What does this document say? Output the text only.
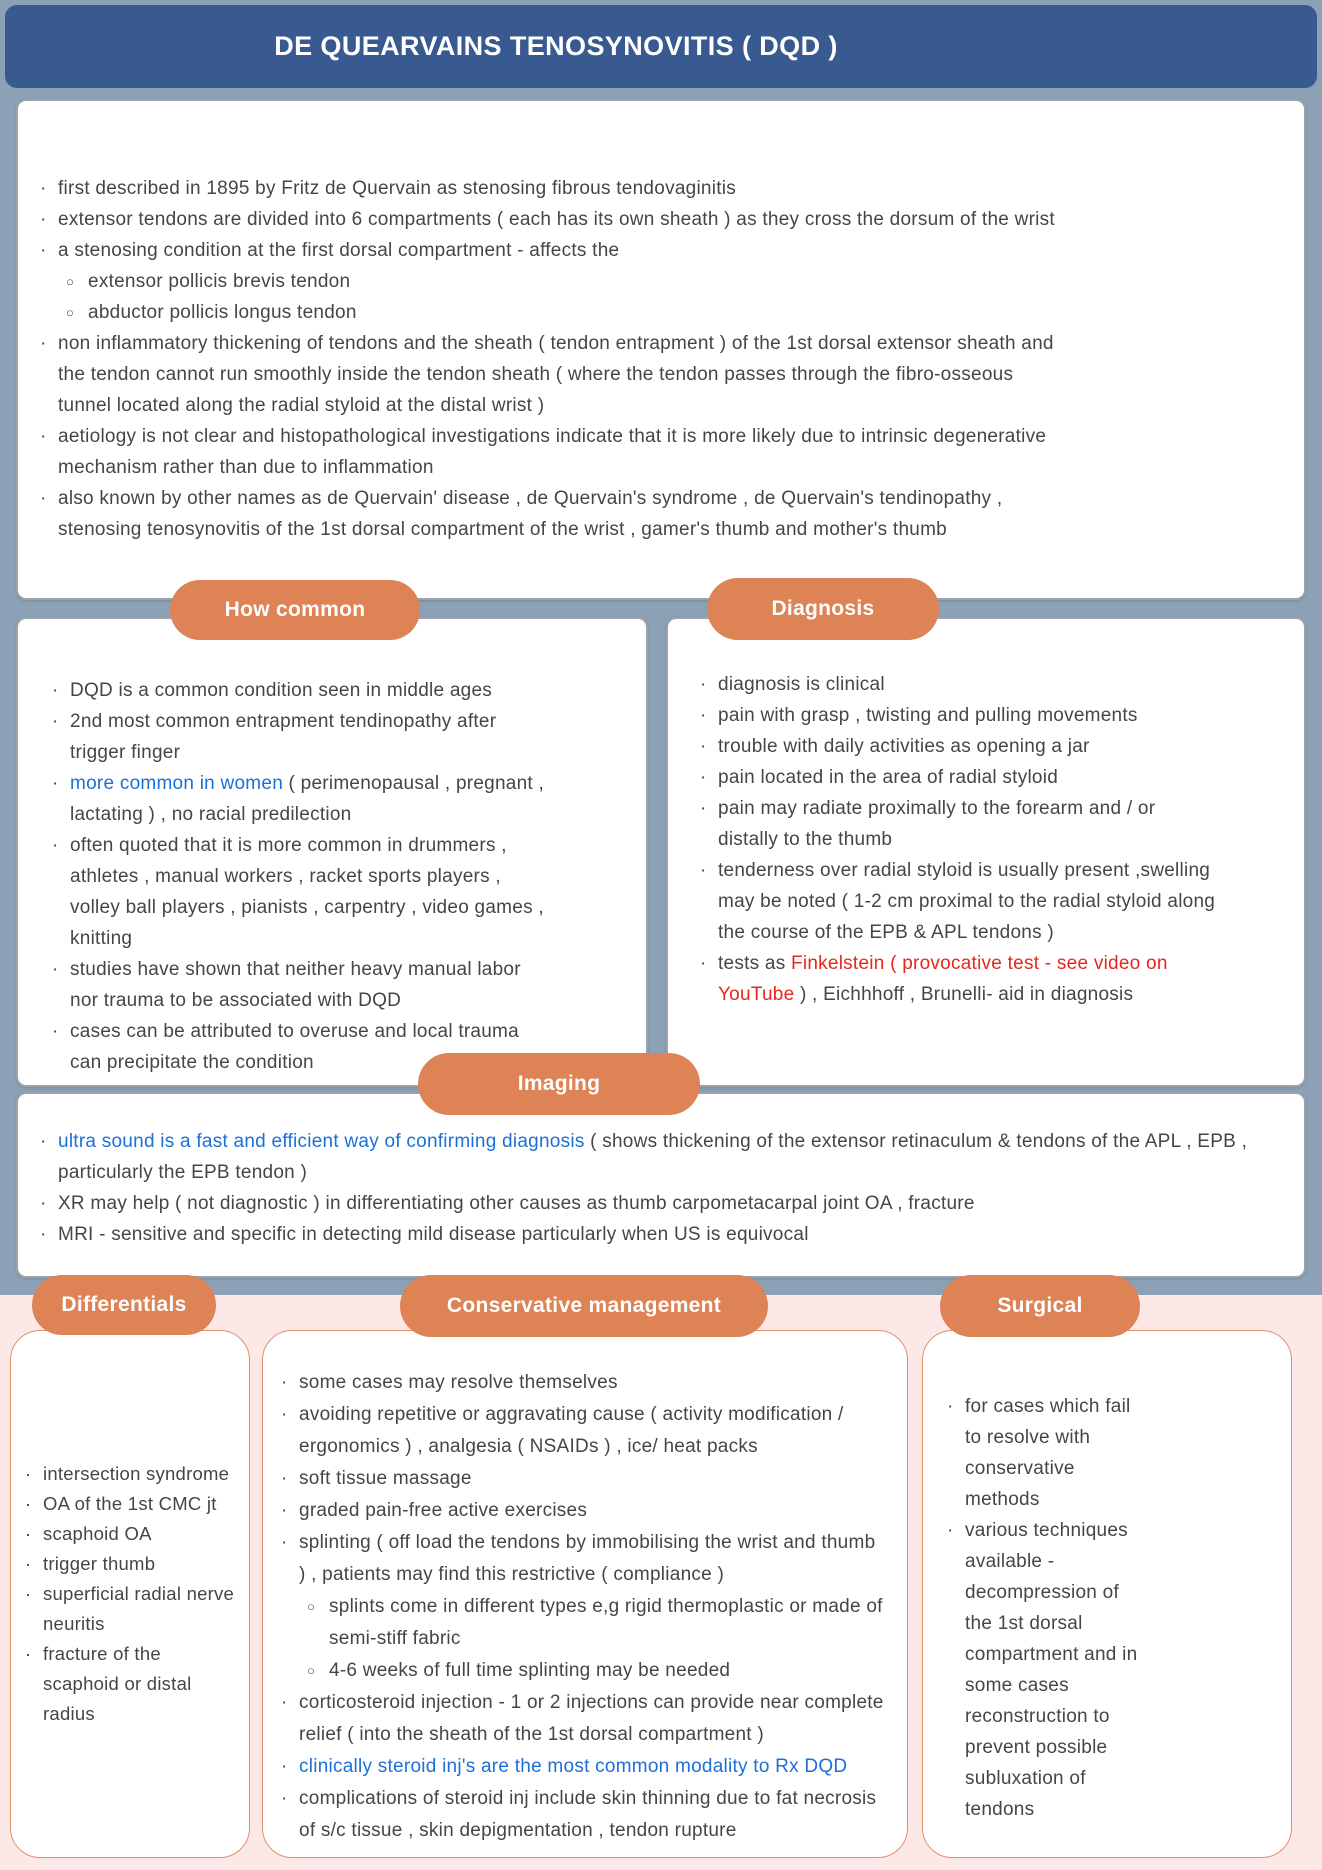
DE QUEARVAINS TENOSYNOVITIS ( DQD )
· first described in 1895 by Fritz de Quervain as stenosing fibrous tendovaginitis
· extensor tendons are divided into 6 compartments ( each has its own sheath ) as they cross the dorsum of the wrist
· a stenosing condition at the first dorsal compartment - affects the
○ extensor pollicis brevis tendon
○ abductor pollicis longus tendon
· non inflammatory thickening of tendons and the sheath ( tendon entrapment ) of the 1st dorsal extensor sheath and the tendon cannot run smoothly inside the tendon sheath ( where the tendon passes through the fibro-osseous tunnel located along the radial styloid at the distal wrist )
· aetiology is not clear and histopathological investigations indicate that it is more likely due to intrinsic degenerative mechanism rather than due to inflammation
· also known by other names as de Quervain' disease , de Quervain's syndrome , de Quervain's tendinopathy , stenosing tenosynovitis of the 1st dorsal compartment of the wrist , gamer's thumb and mother's thumb
· DQD is a common condition seen in middle ages
· 2nd most common entrapment tendinopathy after trigger finger
· more common in women ( perimenopausal , pregnant , lactating ) , no racial predilection
· often quoted that it is more common in drummers , athletes , manual workers , racket sports players , volley ball players , pianists , carpentry , video games , knitting
· studies have shown that neither heavy manual labor nor trauma to be associated with DQD
· cases can be attributed to overuse and local trauma can precipitate the condition
How common
· diagnosis is clinical
· pain with grasp , twisting and pulling movements
· trouble with daily activities as opening a jar
· pain located in the area of radial styloid
· pain may radiate proximally to the forearm and / or distally to the thumb
· tenderness over radial styloid is usually present ,swelling may be noted ( 1-2 cm proximal to the radial styloid along the course of the EPB & APL tendons )
· tests as Finkelstein ( provocative test - see video on YouTube ) , Eichhhoff , Brunelli- aid in diagnosis
Diagnosis
· ultra sound is a fast and efficient way of confirming diagnosis ( shows thickening of the extensor retinaculum & tendons of the APL , EPB , particularly the EPB tendon )
· XR may help ( not diagnostic ) in differentiating other causes as thumb carpometacarpal joint OA , fracture
· MRI - sensitive and specific in detecting mild disease particularly when US is equivocal
Imaging
· intersection syndrome
· OA of the 1st CMC jt
· scaphoid OA
· trigger thumb
· superficial radial nerve neuritis
· fracture of the scaphoid or distal radius
Differentials
· some cases may resolve themselves
· avoiding repetitive or aggravating cause ( activity modification / ergonomics ) , analgesia ( NSAIDs ) , ice/ heat packs
· soft tissue massage
· graded pain-free active exercises
· splinting ( off load the tendons by immobilising the wrist and thumb ) , patients may find this restrictive ( compliance )
○ splints come in different types e,g rigid thermoplastic or made of semi-stiff fabric
○ 4-6 weeks of full time splinting may be needed
· corticosteroid injection - 1 or 2 injections can provide near complete relief ( into the sheath of the 1st dorsal compartment )
· clinically steroid inj's are the most common modality to Rx DQD
· complications of steroid inj include skin thinning due to fat necrosis of s/c tissue , skin depigmentation , tendon rupture
Conservative management
· for cases which fail to resolve with conservative methods
· various techniques available - decompression of the 1st dorsal compartment and in some cases reconstruction to prevent possible subluxation of tendons
Surgical
